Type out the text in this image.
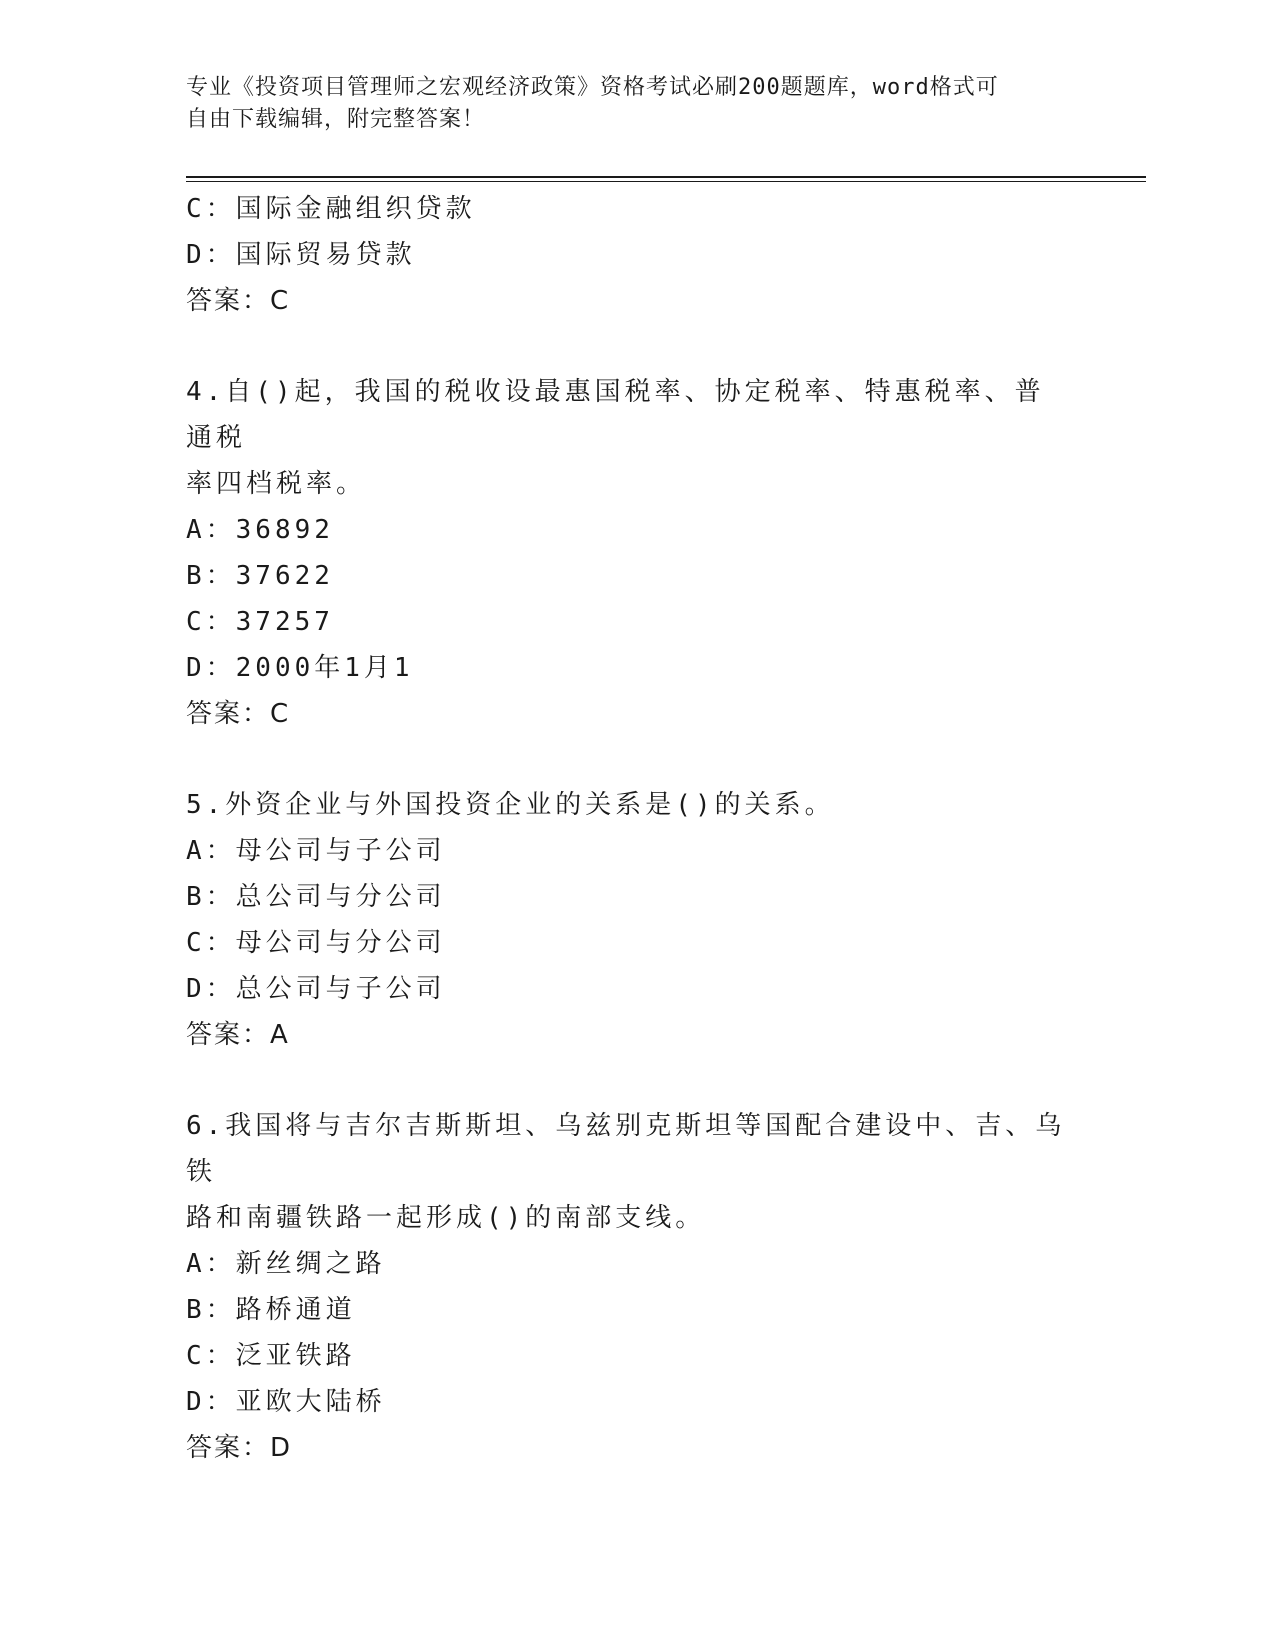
专业《投资项目管理师之宏观经济政策》资格考试必刷200题题库，word格式可
自由下载编辑，附完整答案！
C：国际金融组织贷款
D：国际贸易贷款
答案：C
4.自()起，我国的税收设最惠国税率、协定税率、特惠税率、普通税
率四档税率。
A：36892
B：37622
C：37257
D：2000年1月1
答案：C
5.外资企业与外国投资企业的关系是()的关系。
A：母公司与子公司
B：总公司与分公司
C：母公司与分公司
D：总公司与子公司
答案：A
6.我国将与吉尔吉斯斯坦、乌兹别克斯坦等国配合建设中、吉、乌铁
路和南疆铁路一起形成()的南部支线。
A：新丝绸之路
B：路桥通道
C：泛亚铁路
D：亚欧大陆桥
答案：D
